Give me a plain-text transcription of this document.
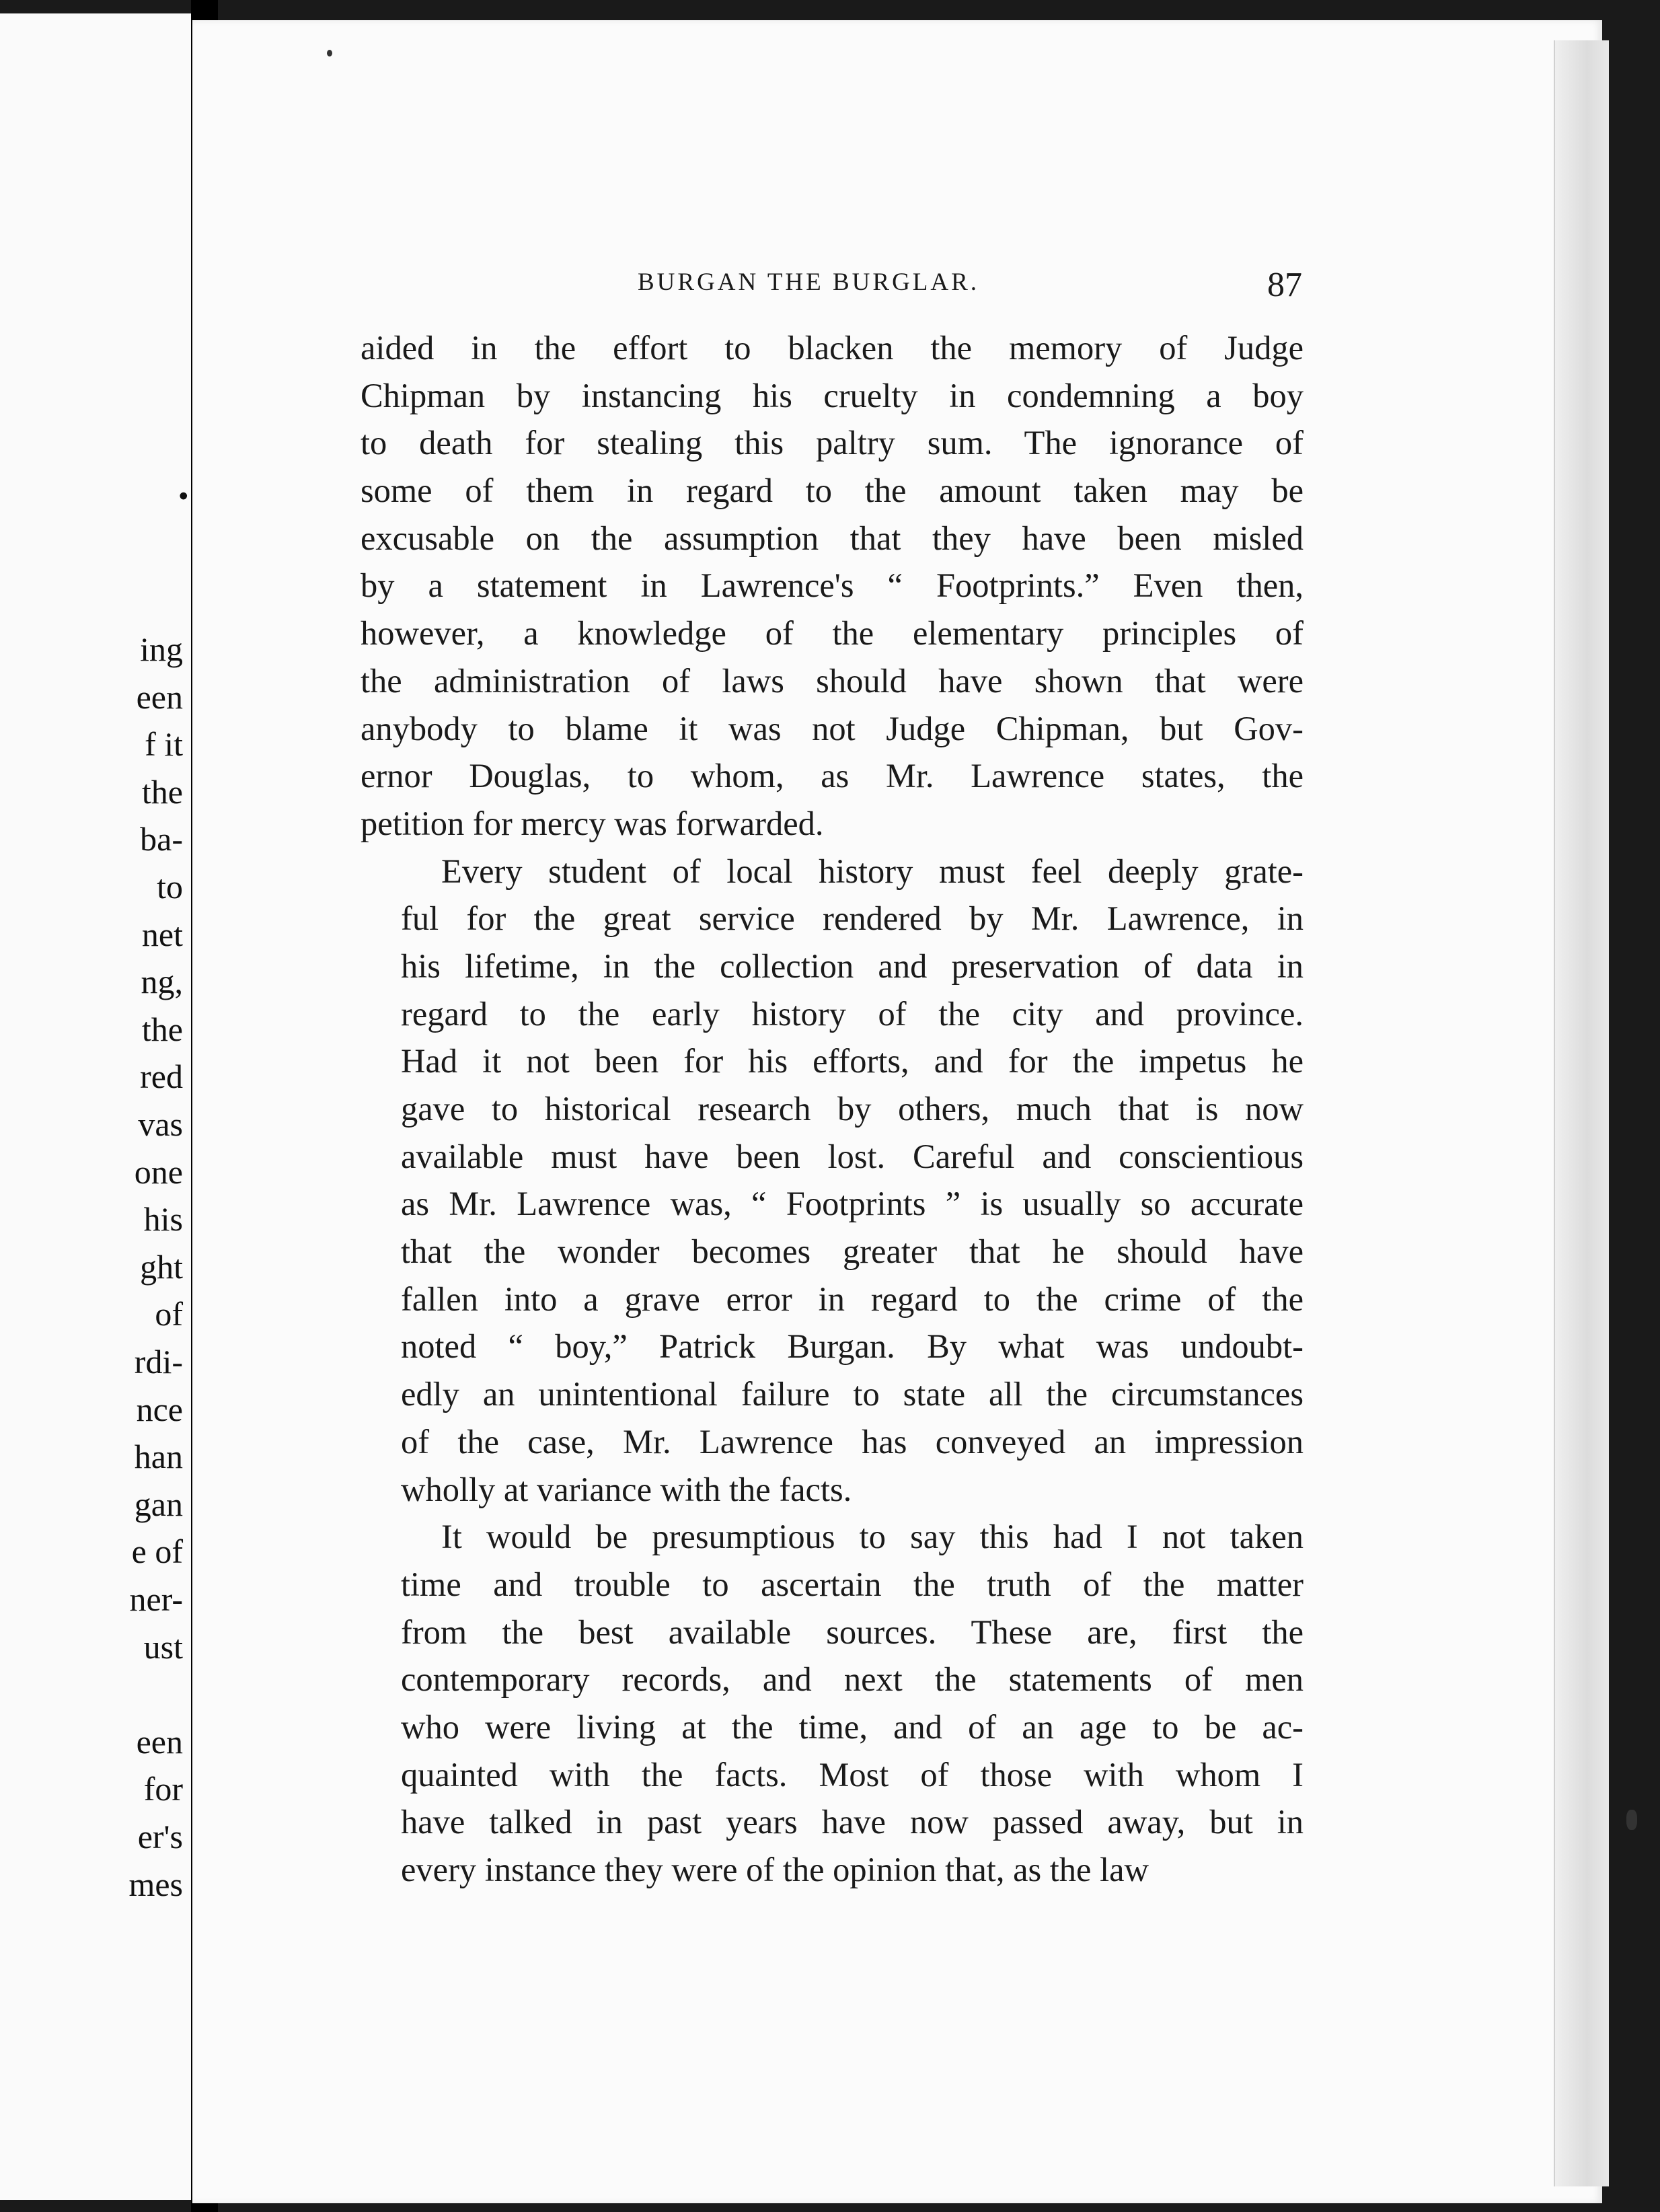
.
ing
een
f it
the
ba-
to
net
ng,
the
red
vas
one
his
ght
of
rdi-
nce
han
gan
e of
ner-
ust
een
for
er's
mes
BURGAN THE BURGLAR.	87
aided in the effort to blacken the memory of Judge
Chipman by instancing his cruelty in condemning a boy
to death for stealing this paltry sum. The ignorance of
some of them in regard to the amount taken may be
excusable on the assumption that they have been misled
by a statement in Lawrence's “ Footprints.” Even then,
however, a knowledge of the elementary principles of
the administration of laws should have shown that were
anybody to blame it was not Judge Chipman, but Gov-
ernor Douglas, to whom, as Mr. Lawrence states, the
petition for mercy was forwarded.
Every student of local history must feel deeply grate-
ful for the great service rendered by Mr. Lawrence, in
his lifetime, in the collection and preservation of data in
regard to the early history of the city and province.
Had it not been for his efforts, and for the impetus he
gave to historical research by others, much that is now
available must have been lost. Careful and conscientious
as Mr. Lawrence was, “ Footprints ” is usually so accurate
that the wonder becomes greater that he should have
fallen into a grave error in regard to the crime of the
noted “ boy,” Patrick Burgan. By what was undoubt-
edly an unintentional failure to state all the circumstances
of the case, Mr. Lawrence has conveyed an impression
wholly at variance with the facts.
It would be presumptious to say this had I not taken
time and trouble to ascertain the truth of the matter
from the best available sources. These are, first the
contemporary records, and next the statements of men
who were living at the time, and of an age to be ac-
quainted with the facts. Most of those with whom I
have talked in past years have now passed away, but in
every instance they were of the opinion that, as the law
